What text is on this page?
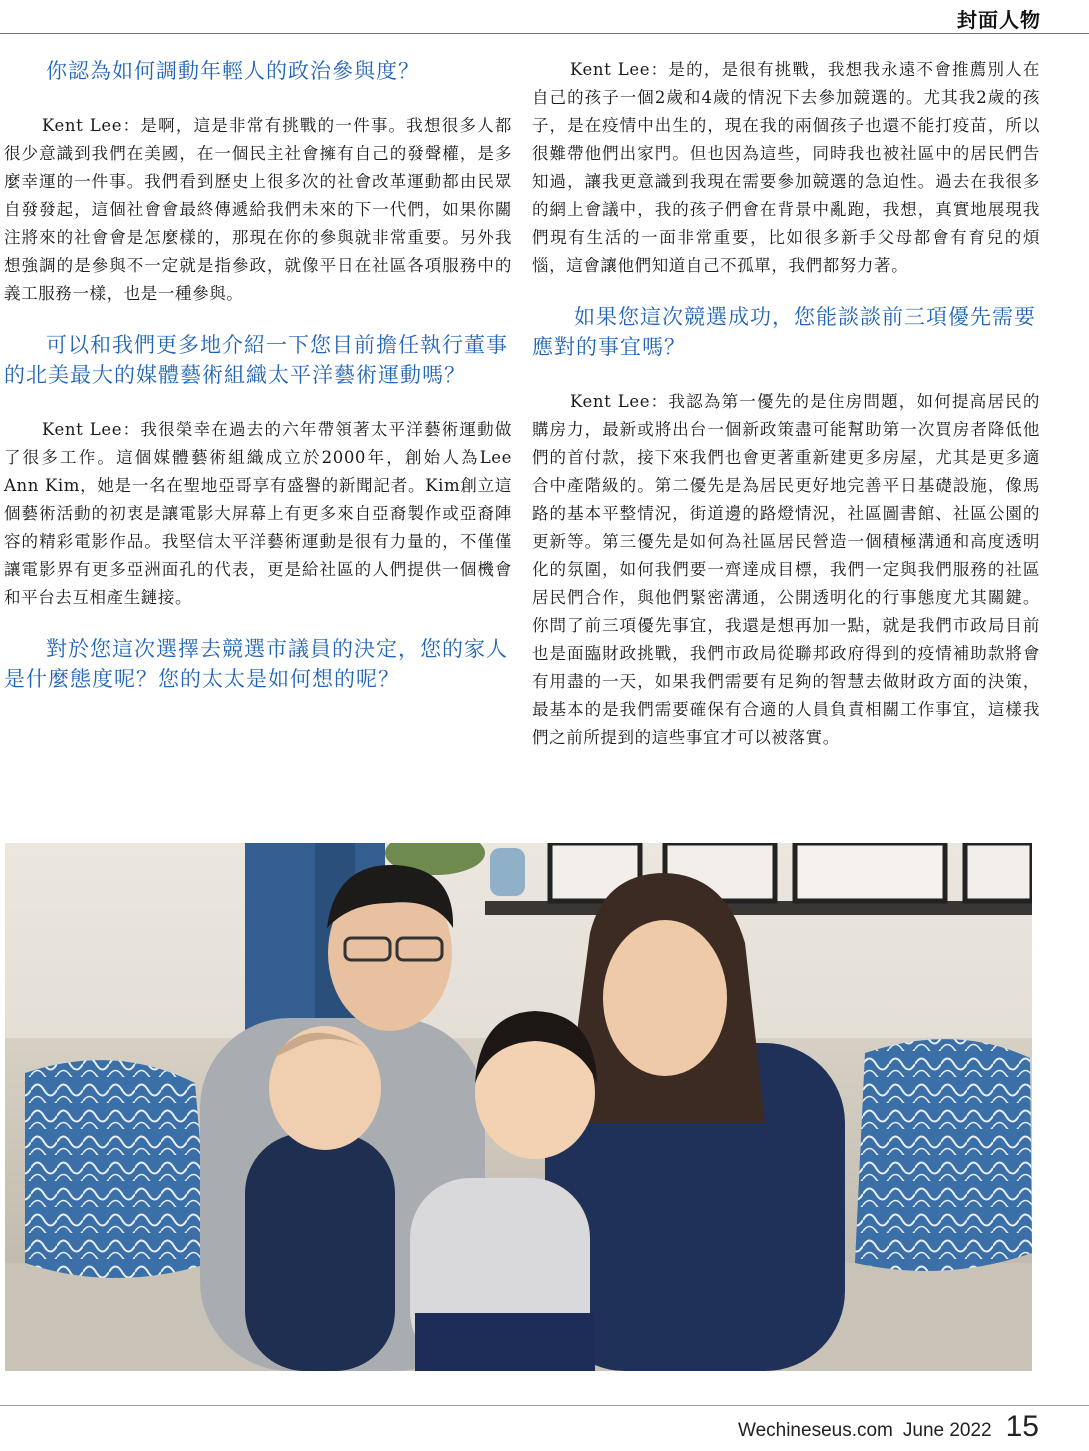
封面人物

你認為如何調動年輕人的政治參與度？

Kent Lee：是啊，這是非常有挑戰的一件事。我想很多人都很少意識到我們在美國，在一個民主社會擁有自己的發聲權，是多麼幸運的一件事。我們看到歷史上很多次的社會改革運動都由民眾自發發起，這個社會會最終傳遞給我們未來的下一代們，如果你關注將來的社會會是怎麼樣的，那現在你的參與就非常重要。另外我想強調的是參與不一定就是指參政，就像平日在社區各項服務中的義工服務一樣，也是一種參與。

可以和我們更多地介紹一下您目前擔任執行董事的北美最大的媒體藝術組織太平洋藝術運動嗎？

Kent Lee：我很榮幸在過去的六年帶領著太平洋藝術運動做了很多工作。這個媒體藝術組織成立於2000年，創始人為Lee Ann Kim，她是一名在聖地亞哥享有盛譽的新聞記者。Kim創立這個藝術活動的初衷是讓電影大屏幕上有更多來自亞裔製作或亞裔陣容的精彩電影作品。我堅信太平洋藝術運動是很有力量的，不僅僅讓電影界有更多亞洲面孔的代表，更是給社區的人們提供一個機會和平台去互相產生鏈接。

對於您這次選擇去競選市議員的決定，您的家人是什麼態度呢？您的太太是如何想的呢？

Kent Lee：是的，是很有挑戰，我想我永遠不會推薦別人在自己的孩子一個2歲和4歲的情況下去參加競選的。尤其我2歲的孩子，是在疫情中出生的，現在我的兩個孩子也還不能打疫苗，所以很難帶他們出家門。但也因為這些，同時我也被社區中的居民們告知過，讓我更意識到我現在需要參加競選的急迫性。過去在我很多的網上會議中，我的孩子們會在背景中亂跑，我想，真實地展現我們現有生活的一面非常重要，比如很多新手父母都會有育兒的煩惱，這會讓他們知道自己不孤單，我們都努力著。

如果您這次競選成功，您能談談前三項優先需要應對的事宜嗎？

Kent Lee：我認為第一優先的是住房問題，如何提高居民的購房力，最新或將出台一個新政策盡可能幫助第一次買房者降低他們的首付款，接下來我們也會更著重新建更多房屋，尤其是更多適合中產階級的。第二優先是為居民更好地完善平日基礎設施，像馬路的基本平整情況，街道邊的路燈情況，社區圖書館、社區公園的更新等。第三優先是如何為社區居民營造一個積極溝通和高度透明化的氛圍，如何我們要一齊達成目標，我們一定與我們服務的社區居民們合作，與他們緊密溝通，公開透明化的行事態度尤其關鍵。你問了前三項優先事宜，我還是想再加一點，就是我們市政局目前也是面臨財政挑戰，我們市政局從聯邦政府得到的疫情補助款將會有用盡的一天，如果我們需要有足夠的智慧去做財政方面的決策，最基本的是我們需要確保有合適的人員負責相關工作事宜，這樣我們之前所提到的這些事宜才可以被落實。

Wechineseus.com June 2022 15
